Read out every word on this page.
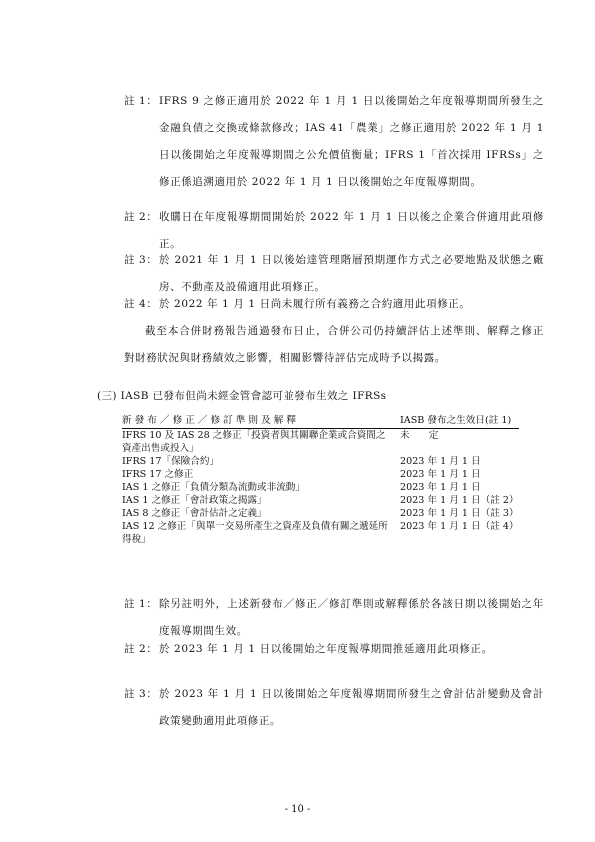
註 1： IFRS 9 之修正適用於 2022 年 1 月 1 日以後開始之年度報導期間所發生之金融負債之交換或條款修改；IAS 41「農業」之修正適用於 2022 年 1 月 1 日以後開始之年度報導期間之公允價值衡量；IFRS 1「首次採用 IFRSs」之修正係追溯適用於 2022 年 1 月 1 日以後開始之年度報導期間。
註 2： 收購日在年度報導期間開始於 2022 年 1 月 1 日以後之企業合併適用此項修正。
註 3： 於 2021 年 1 月 1 日以後始達管理階層預期運作方式之必要地點及狀態之廠房、不動產及設備適用此項修正。
註 4： 於 2022 年 1 月 1 日尚未履行所有義務之合約適用此項修正。
截至本合併財務報告通過發布日止，合併公司仍持續評估上述準則、解釋之修正對財務狀況與財務績效之影響，相關影響待評估完成時予以揭露。
(三) IASB 已發布但尚未經金管會認可並發布生效之 IFRSs
新 發 布 ／ 修 正 ／ 修 訂 準 則 及 解 釋	IASB 發布之生效日(註 1)
IFRS 10 及 IAS 28 之修正「投資者與其關聯企業或合資間之資產出售或投入」	未　　定
IFRS 17「保險合約」	2023 年 1 月 1 日
IFRS 17 之修正	2023 年 1 月 1 日
IAS 1 之修正「負債分類為流動或非流動」	2023 年 1 月 1 日
IAS 1 之修正「會計政策之揭露」	2023 年 1 月 1 日（註 2）
IAS 8 之修正「會計估計之定義」	2023 年 1 月 1 日（註 3）
IAS 12 之修正「與單一交易所產生之資產及負債有關之遞延所得稅」	2023 年 1 月 1 日（註 4）
註 1： 除另註明外，上述新發布／修正／修訂準則或解釋係於各該日期以後開始之年度報導期間生效。
註 2： 於 2023 年 1 月 1 日以後開始之年度報導期間推延適用此項修正。
註 3： 於 2023 年 1 月 1 日以後開始之年度報導期間所發生之會計估計變動及會計政策變動適用此項修正。
- 10 -
